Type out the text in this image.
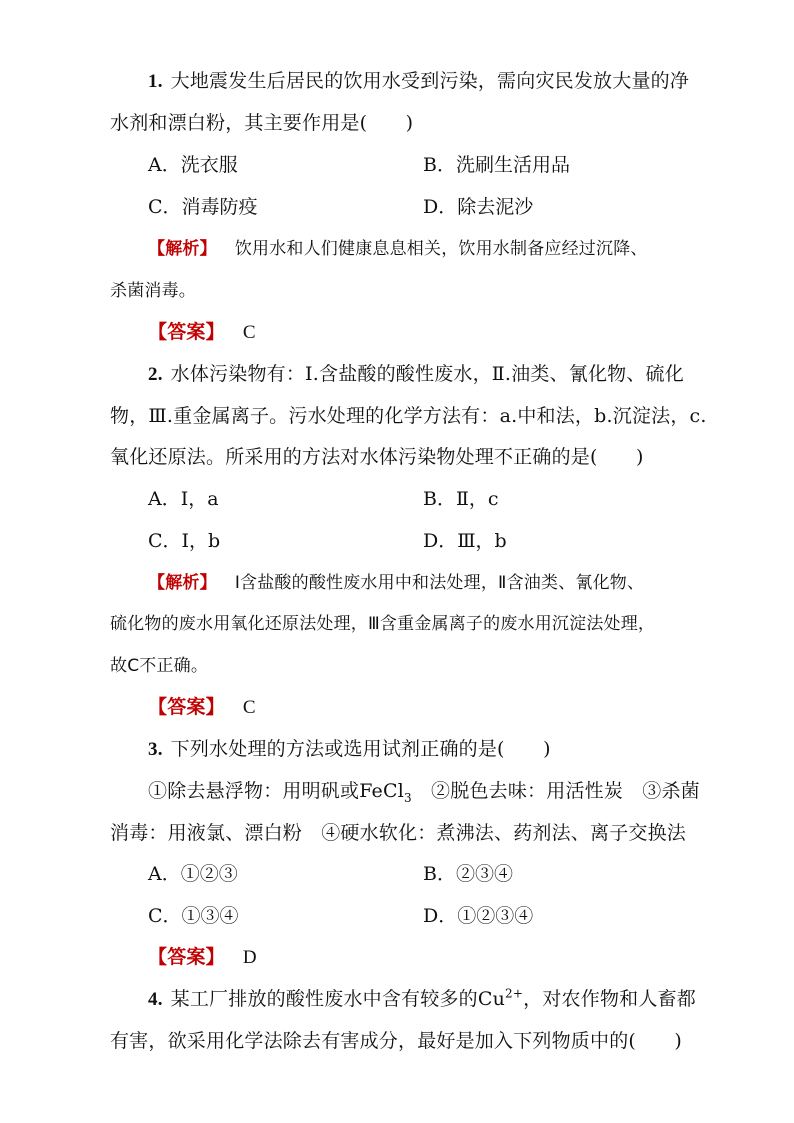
1. 大地震发生后居民的饮用水受到污染，需向灾民发放大量的净
水剂和漂白粉，其主要作用是(　　)
A．洗衣服	B．洗刷生活用品
C．消毒防疫	D．除去泥沙
【解析】 饮用水和人们健康息息相关，饮用水制备应经过沉降、
杀菌消毒。
【答案】 C
2. 水体污染物有：Ⅰ.含盐酸的酸性废水，Ⅱ.油类、氰化物、硫化
物，Ⅲ.重金属离子。污水处理的化学方法有：a.中和法，b.沉淀法，c.
氧化还原法。所采用的方法对水体污染物处理不正确的是(　　)
A．Ⅰ，a	B．Ⅱ，c
C．Ⅰ，b	D．Ⅲ，b
【解析】 Ⅰ含盐酸的酸性废水用中和法处理，Ⅱ含油类、氰化物、
硫化物的废水用氧化还原法处理，Ⅲ含重金属离子的废水用沉淀法处理，
故C不正确。
【答案】 C
3. 下列水处理的方法或选用试剂正确的是(　　)
①除去悬浮物：用明矾或FeCl$_3$　②脱色去味：用活性炭　③杀菌
消毒：用液氯、漂白粉　④硬水软化：煮沸法、药剂法、离子交换法
A．①②③	B．②③④
C．①③④	D．①②③④
【答案】 D
4. 某工厂排放的酸性废水中含有较多的$Cu^{2+}$，对农作物和人畜都
有害，欲采用化学法除去有害成分，最好是加入下列物质中的(　　)
